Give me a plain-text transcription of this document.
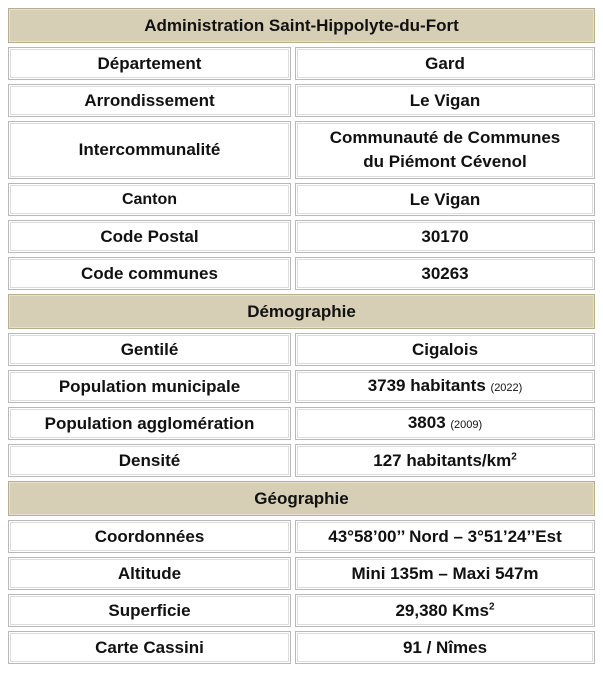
Administration Saint-Hippolyte-du-Fort	
Département	Gard
Arrondissement	Le Vigan
Intercommunalité	Communauté de Communes
du Piémont Cévenol
Canton	Le Vigan
Code Postal	30170
Code communes	30263
Démographie	
Gentilé	Cigalois
Population municipale	3739 habitants (2022)
Population agglomération	3803 (2009)
Densité	127 habitants/$km^2$
Géographie	
Coordonnées	43°58’00’’ Nord – 3°51’24’’Est
Altitude	Mini 135m – Maxi 547m
Superficie	29,380 Kms$^2$
Carte Cassini	91 / Nîmes
